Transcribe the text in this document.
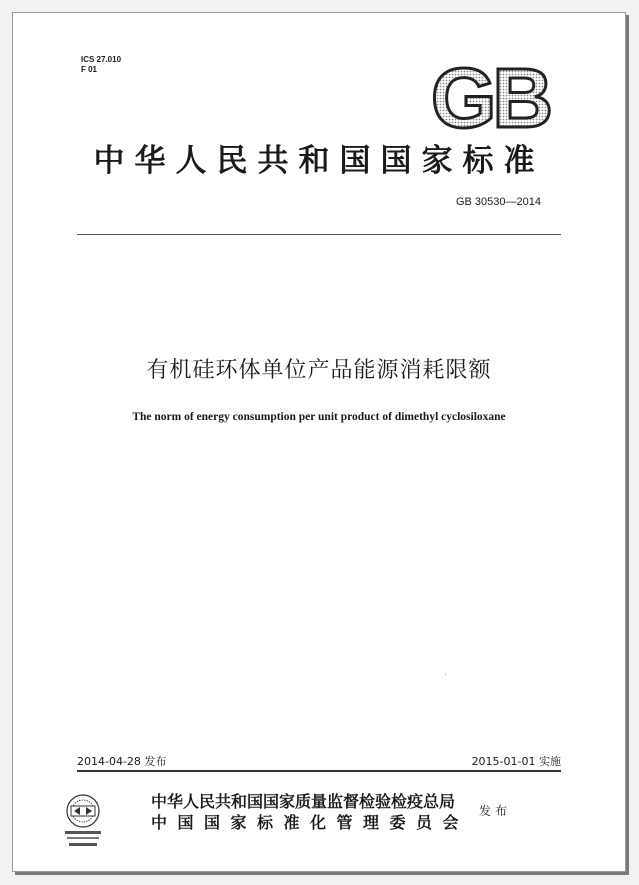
ICS 27.010
F 01	GB
中华人民共和国国家标准
GB 30530—2014
有机硅环体单位产品能源消耗限额
The norm of energy consumption per unit product of dimethyl cyclosiloxane
2014-04-28 发布	2015-01-01 实施
中华人民共和国国家质量监督检验检疫总局
中国国家标准化管理委员会
发布
